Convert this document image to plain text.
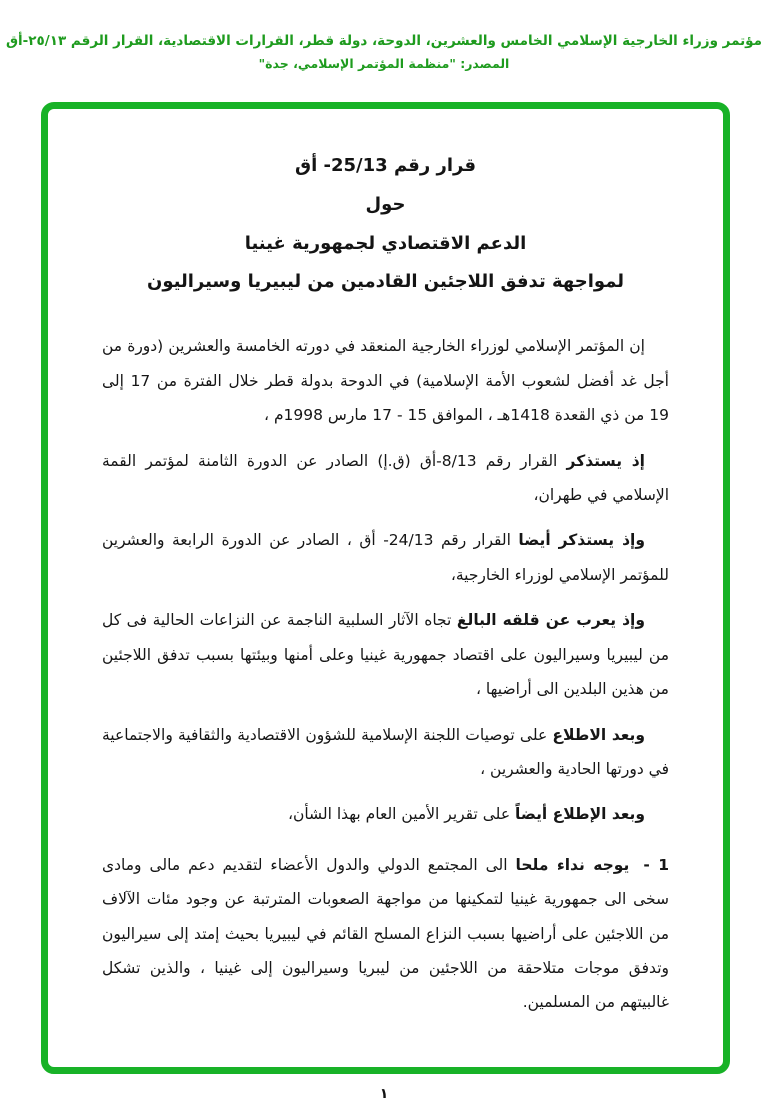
مؤتمر وزراء الخارجية الإسلامي الخامس والعشرين، الدوحة، دولة قطر، القرارات الاقتصادية، القرار الرقم ٢٥/١٣-أق
المصدر: "منظمة المؤتمر الإسلامي، جدة"
قرار رقم 25/13- أق
حول
الدعم الاقتصادي لجمهورية غينيا
لمواجهة تدفق اللاجئين القادمين من ليبيريا وسيراليون

إن المؤتمر الإسلامي لوزراء الخارجية المنعقد في دورته الخامسة والعشرين (دورة من أجل غد أفضل لشعوب الأمة الإسلامية) في الدوحة بدولة قطر خلال الفترة من 17 إلى 19 من ذي القعدة 1418هـ ، الموافق 15 - 17 مارس 1998م ،

إذ يستذكر القرار رقم 8/13-أق (ق.إ) الصادر عن الدورة الثامنة لمؤتمر القمة الإسلامي في طهران،

وإذ يستذكر أيضا القرار رقم 24/13- أق ، الصادر عن الدورة الرابعة والعشرين للمؤتمر الإسلامي لوزراء الخارجية،

وإذ يعرب عن قلقه البالغ تجاه الآثار السلبية الناجمة عن النزاعات الحالية فى كل من ليبيريا وسيراليون على اقتصاد جمهورية غينيا وعلى أمنها وبيئتها بسبب تدفق اللاجئين من هذين البلدين الى أراضيها ،

وبعد الاطلاع على توصيات اللجنة الإسلامية للشؤون الاقتصادية والثقافية والاجتماعية في دورتها الحادية والعشرين ،

وبعد الإطلاع أيضاً على تقرير الأمين العام بهذا الشأن،

1 -يوجه نداء ملحا الى المجتمع الدولي والدول الأعضاء لتقديم دعم مالى ومادى سخى الى جمهورية غينيا لتمكينها من مواجهة الصعوبات المترتبة عن وجود مئات الآلاف من اللاجئين على أراضيها بسبب النزاع المسلح القائم في ليبيريا بحيث إمتد إلى سيراليون وتدفق موجات متلاحقة من اللاجئين من ليبريا وسيراليون إلى غينيا ، والذين تشكل غالبيتهم من المسلمين.

١
